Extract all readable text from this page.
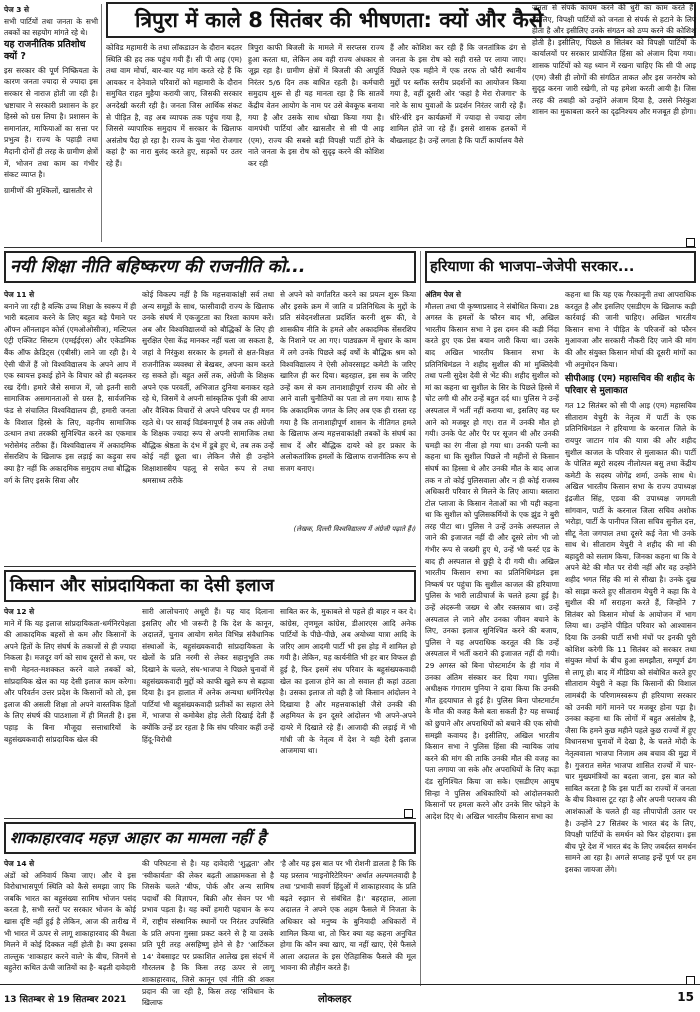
पेज 3 से
सभी पार्टियों तथा जनता के सभी तबकों का सहयोग मांगते रहे थे।
यह राजनीतिक प्रतिशोध क्यों ?
इस सरकार की पूर्ण निष्क्रियता के कारण जनता ज्यादा से ज्यादा इस सरकार से नाराज होती जा रही है। भ्रष्टाचार ने सरकारी प्रशासन के हर हिस्से को ग्रस लिया है। प्रशासन के समानांतर, माफियाओं का सत्ता पर प्रभुत्व है। राज्य के पहाड़ी तथा मैदानी दोनों ही तरह के ग्रामीण क्षेत्रों में, भोजन तथा काम का गंभीर संकट व्याप्त है।
ग्रामीणों की मुश्किलों, खासतौर से
त्रिपुरा में काले 8 सितंबर की भीषणता: क्यों और कैसे
कोविड महामारी के तथा लॉकडाउन के दौरान बदतर स्थिति की हद तक पहुंच गयी हैं। सी पी आइ (एम) तथा वाम मोर्चा, बार-बार यह मांग करते रहे हैं कि आयकर न देनेवाले परिवारों को महामारी के दौरान समुचित राहत मुहैया करायी जाए, जिसकी सरकार अनदेखी करती रही है। जनता जिस आर्थिक संकट से पीड़ित है, वह अब व्यापक तक पहुंच गया है, जिससे व्यापारिक समुदाय में सरकार के खिलाफ असंतोष पैदा हो रहा है। राज्य के युवा 'मेरा रोजगार कहां है' का नारा बुलंद करते हुए, सड़कों पर उतर रहे हैं।
त्रिपुरा काफी बिजली के मामले में सरप्लस राज्य हुआ करता था, लेकिन अब वही राज्य अंधकार से जूझ रहा है। ग्रामीण क्षेत्रों में बिजली की आपूर्ति निरंतर 5/6 दिन तक बाधित रहती है। कर्मचारी समुदाय शुरू से ही यह मानता रहा है कि सातवें केंद्रीय वेतन आयोग के नाम पर उसे बेवकूफ बनाया गया है और उसके साथ धोखा किया गया है। वामपंथी पार्टियां और खासतौर से सी पी आइ (एम), राज्य की सबसे बड़ी विपक्षी पार्टी होने के नाते जनता के इस रोष को सुदृढ़ करने की कोशिश कर रही
हैं और कोशिश कर रही हैं कि जनतांत्रिक ढंग से जनता के इस रोष को सही रास्ते पर लाया जाए। पिछले एक महीने में एक तरफ तो फौरी स्थानीय मुद्दों पर ब्लॉक स्तरीय प्रदर्शनों का आयोजन किया गया है, वहीं दूसरी ओर 'कहां है मेरा रोजगार' के नारे के साथ युवाओं के प्रदर्शन निरंतर जारी रहे हैं। धीरे-धीरे इन कार्यक्रमों में ज्यादा से ज्यादा लोग शामिल होते जा रहे हैं। इससे शासक हलकों में बौखलाहट है। उन्हें लगता है कि पार्टी कार्यालय वैसे
जनता से संपर्क कायम करने की धुरी का काम करते हैं। इसलिए, विपक्षी पार्टियों को जनता से संपर्क से हटाने के लिए होता है और इसीलिए उनके संगठन को ठप्प करने की कोशिश होती है। इसीलिए, पिछले 8 सितंबर को विपक्षी पार्टियों के कार्यालयों पर सरकार प्रायोजित हिंसा को अंजाम दिया गया। शासक पार्टियों को यह ध्यान में रखना चाहिए कि सी पी आइ (एम) जैसी ही लोगों की संगठित ताकत और इस जनरोष को सुदृढ़ करना जारी रखेगी, तो यह हमेशा करती आयी है। जिस तरह की तबाही को उन्होंने अंजाम दिया है, उससे निरंकुश शासन का मुकाबला करने का दृढ़निश्चय और मजबूत ही होगा।
नयी शिक्षा नीति बहिष्करण की राजनीति को...
पेज 11 से
बनाने जा रही है बल्कि उच्च शिक्षा के स्वरूप में ही भारी बदलाव करने के लिए बहुत बड़े पैमाने पर ऑफ्न ऑनलाइन कोर्स (एमओओसीज), मल्टिपल एंट्री एक्जिट सिस्टम (एमईईएस) और एकेडमिक बैंक ऑफ क्रेडिट्स (एबीसी) लाने जा रही है। ये ऐसी चीजें हैं जो विश्वविद्यालय के अपने आप में एक स्वायत्त इकाई होने के विचार को ही बदलकर रख देंगी। हमारे जैसे समाज में, जो इतनी सारी सामाजिक असमानताओं से ग्रस्त है, सार्वजनिक फंड से संचालित विश्वविद्यालय ही, हमारी जनता के विशाल हिस्से के लिए, वहनीय सामाजिक उत्थान तथा तरक्की सुनिश्चित करने का एकमात्र भरोसेमंद तरीका हैं। विश्वविद्यालय में अकादमिक सेंसरशिप के खिलाफ इस लड़ाई का कड़ुवा सच क्या है? नहीं कि अकादमिक समुदाय तथा बौद्धिक वर्ग के लिए इसके सिवा और
कोई विकल्प नहीं है कि महत्तवाकांक्षी सर्व तथा अन्य समूहों के साथ, फासीवादी राज्य के खिलाफ उनके संघर्ष में एकजुटता का रिश्ता कायम करें। अब और विश्वविद्यालयों को बौद्धिकों के लिए ही सुरक्षित ऐसा केंद्र मानकर नहीं चला जा सकता है, जहां वे निरंकुश सरकार के हमलों से क्षत-विक्षत राजनीतिक व्यवस्था से बेखबर, अपना काम करते रह सकते हों। बहुत अर्से तक, अंग्रेजी के शिक्षक अपने एक परवर्ती, अभिजात दुनिया बनाकर रहते रहे थे, जिसमें वे अपनी सांस्कृतिक पूंजी की आपा और वैश्विक विचारों से अपने परिचय पर ही मगन रहते थे। पर सावई विडंबनापूर्ण है जब तक अंग्रेजी के शिक्षक ज्यादा रूप से अपनी सामाजिक तथा बौद्धिक श्रेष्ठता के दंभ में डूबे हुए थे, तब तक उन्हें कोई नहीं छूता था। लेकिन जैसे ही उन्होंने शिक्षाशास्त्रीय पहलू से सचेत रूप से तथा श्रमसाध्य तरीके
से अपने को वर्गांतरित करने का प्रयत्न शुरू किया और इसके क्रम में जाति व प्रतिनिधित्व के मुद्दों के प्रति संवेदनशीलता प्रदर्शित करनी शुरू की, वे शासकीय नीति के हमले और अकादमिक सेंसरशिप के निशाने पर आ गए। पाठ्यक्रम में सुधार के काम में लगे उनके पिछले कई वर्षों के बौद्धिक श्रम को विश्वविद्यालय ने ऐसी ओवरसाइट कमेटी के जरिए खारिज ही कर दिया। बहरहाल, इस सब के जरिए उन्हें कम से कम तानाशाहीपूर्ण राज्य की ओर से आने वाली चुनौतियों का पता तो लग गया। साफ है कि अकादमिक जगत के लिए अब एक ही रास्ता रह गया है कि तानाशाहीपूर्ण शासन के नीतिगत हमले के खिलाफ अन्य महत्तवाकांक्षी तबकों के संघर्ष का साथ दें और बौद्धिक दायरे को हर प्रकार के अलोकतांत्रिक हमलों के खिलाफ राजनीतिक रूप से सजग बनाए।
(लेखक, दिल्ली विश्वविद्यालय में अंग्रेजी पढ़ाते हैं।)
हरियाणा की भाजपा–जेजेपी सरकार...
अंतिम पेज से
मौलला तथा पी कृष्णाप्रसाद ने संबोधित किया। 28 अगस्त के हमलों के फौरन बाद भी, अखिल भारतीय किसान सभा ने इस दमन की कड़ी निंदा करते हुए एक प्रेस बयान जारी किया था। उसके बाद अखिल भारतीय किसान सभा के प्रतिनिधिमंडल ने शहीद सुशील की मां मुक्तिदेवी तथा पत्नी सुदेश देवी से भेंट की। शहीद सुशील को मां का कहना था सुशील के सिर के पिछले हिस्से में चोट लगी थी और उन्हें बहुत दर्द था। पुलिस ने उन्हें अस्पताल में भर्ती नहीं कराया था, इसलिए वह घर आने को मजबूर हो गए। रात में उनकी मौत हो गयी। उनके पेट और पैर पर सूजन थी और उनकी चमड़ी का रंग नीला हो गया था। उनकी पत्नी का कहना था कि सुशील पिछले नौ महीनों से किसान संघर्ष का हिस्सा थे और उनकी मौत के बाद आज तक न तो कोई पुलिसवाला और न ही कोई राजस्व अधिकारी परिवार से मिलने के लिए आया। बस्तारा टोल प्लाजा के किसान नेताओं का भी यही कहना था कि सुशील को पुलिसकर्मियों के एक झुंड ने बुरी तरह पीटा था। पुलिस ने उन्हें उनके अस्पताल ले जाने की इजाजत नहीं दी और दूसरे लोग भी जो गंभीर रूप से जख्मी हुए थे, उन्हें भी फर्स्ट एड के बाद ही अस्पताल से छुट्टी दे दी गयी थी। अखिल भारतीय किसान सभा का प्रतिनिधिमंडल इस निष्कर्ष पर पहुंचा कि सुशील काजल की हरियाणा पुलिस के भारी लाठीचार्ज के चलते हत्या हुई है। उन्हें अंदरूनी जख्म थे और रक्तस्राव था। उन्हें अस्पताल ले जाने और उनका जीवन बचाने के लिए, उनका इलाज सुनिश्चित करने की बजाय, पुलिस ने यह अपराधिक करतूत की कि उन्हें अस्पताल में भर्ती कराने की इजाजत नहीं दी गयी। 29 अगस्त को बिना पोस्टमार्टम के ही गांव में उनका अंतिम संस्कार कर दिया गया। पुलिस अधीक्षक गंगाराम पुनिया ने दावा किया कि उनकी मौत हृदयाघात से हुई है। पुलिस बिना पोस्टमार्टम के मौत की वजह कैसे बता सकती है? यह सच्चाई को छुपाने और अपराधियों को बचाने की एक सोची समझी कवायद है। इसीलिए, अखिल भारतीय किसान सभा ने पुलिस हिंसा की न्यायिक जांच करने की मांग की ताकि उनकी मौत की वजह का पता लगाया जा सके और अपराधियों के लिए कड़ा दंड सुनिश्चित किया जा सके। एसडीएम आयुष सिन्हा ने पुलिस अधिकारियों को आंदोलनकारी किसानों पर हमला करने और उनके सिर फोड़ने के आदेश दिए थे। अखिल भारतीय किसान सभा का
कहना था कि यह एक गैरकानूनी तथा आपराधिक करतूत है और इसलिए एसडीएम के खिलाफ कड़ी कार्रवाई की जानी चाहिए। अखिल भारतीय किसान सभा ने पीड़ित के परिजनों को फौरन मुआवजा और सरकारी नौकरी दिए जाने की मांग की और संयुक्त किसान मोर्चा की दूसरी मांगों का भी अनुमोदन किया।
सीपीआइ (एम) महासचिव की शहीद के परिवार से मुलाकात
गत 12 सितंबर को सी पी आइ (एम) महासचिव सीताराम येचुरी के नेतृत्व में पार्टी के एक प्रतिनिधिमंडल ने हरियाणा के करनाल जिले के रायपुर जाटान गांव की यात्रा की और शहीद सुशील काजल के परिवार से मुलाकात की। पार्टी के पोलित ब्यूरो सदस्य नीलोत्पल बसु तथा केंद्रीय कमेटी के सदस्य जोगेंद्र शर्मा, उनके साथ थे। अखिल भारतीय किसान सभा के राज्य उपाध्यक्ष इंद्रजीत सिंह, एडवा की उपाध्यक्ष जगमती सांगवान, पार्टी के करनाल जिला सचिव अशोक भरोड़ा, पार्टी के पानीपत जिला सचिव सुनील दत्त, सीटू नेता जगपाल तथा दूसरे कई नेता भी उनके साथ थे। सीताराम येचुरी ने शहीद की मां की बहादुरी को सलाम किया, जिनका कहना था कि वे अपने बेटे की मौत पर रोयी नहीं और वह उन्होंने शहीद भगत सिंह की मां से सीखा है। उनके दुख को साझा करते हुए सीताराम येचुरी ने कहा कि वे सुशील की माँ सराहना करते हैं, जिन्होंने 7 सितंबर को किसान मोर्चा के आयोजन में भाग लिया था। उन्होंने पीड़ित परिवार को आश्वासन दिया कि उनकी पार्टी सभी मंचों पर इनकी पूरी कोशिश करेगी कि 11 सितंबर को सरकार तथा संयुक्त मोर्चा के बीच हुआ समझौता, सम्पूर्ण ढंग से लागू हो। बाद में मीडिया को संबोधित करते हुए सीताराम येचुरी ने कहा कि किसानों की विशाल लामबंदी के परिणामस्वरूप ही हरियाणा सरकार को उनकी मांगें मानने पर मजबूर होना पड़ा है। उनका कहना था कि लोगों में बहुत असंतोष है, जैसा कि हमने कुछ महीने पहले कुछ राज्यों में हुए विधानसभा चुनावों में देखा है, के चलते मोदी के नेतृत्ववाला भाजपा निजाम अब बचाव की मुद्रा में है। गुजरात समेत भाजपा शासित राज्यों में चार-चार मुख्यमंत्रियों का बदला जाना, इस बात को साबित करता है कि इस पार्टी का राज्यों में जनता के बीच विश्वास टूट रहा है और अपनी पराजय की आशंकाओं के चलते ही वह लीपापोती उतार पर है। उन्होंने 27 सितंबर के भारत बंद के लिए, विपक्षी पार्टियों के समर्थन को फिर दोहराया। इस बीच पूरे देश में भारत बंद के लिए जबर्दस्त समर्थन सामने आ रहा है। अगले सप्ताह इन्हें पूर्ण पर हम इसका जायजा लेंगे।
किसान और सांप्रदायिकता का देसी इलाज
पेज 12 से
माने में कि यह इलाज सांप्रदायिकता-धर्मनिरपेक्षता की आकादमिक बहसों से कम और किसानों के अपने हितों के लिए संघर्ष के तकाजों से ही ज्यादा निकला है। मजदूर वर्ग को साथ दूसरों से कम, पर सभी मेहनत-मशक्कत करने वाले तबकों को, सांप्रदायिक खेल का यह देसी इलाज काम करेगा। और परिवर्तन उत्तर प्रदेश के किसानों को तो, इस इलाज की असली शिक्षा तो अपने वास्तविक हितों के लिए संघर्ष की पाठशाला में ही मिलती है। इस पहाड़ के बिना मौजूदा सत्ताधारियों के बहुसंख्यकवादी सांप्रदायिक खेल की
सारी आलोचनाएं अधूरी हैं। यह याद दिलाना इसलिए और भी जरूरी है कि देश के कानून, अदालतें, चुनाव आयोग समेत विभिन्न संवैधानिक संस्थाओं के, बहुसंख्यकवादी सांप्रदायिकता के खेलों के प्रति नरमी से लेकर सहानुभूति तक दिखाने के चलते, संघ-भाजपा ने पिछले चुनावों में बहुसंख्यकवादी मुद्दों को काफी खुले रूप से बढ़ावा दिया है। इन हालात में अनेक अन्यथा धर्मनिरपेक्ष पार्टियां भी बहुसंख्यकवादी प्रतीकों का सहारा लेने में, भाजपा से कमोबेश होड़ लेती दिखाई देती हैं क्योंकि उन्हें डर रहता है कि संघ परिवार कहीं उन्हें हिंदू-विरोधी
साबित कर के, मुकाबले से पहले ही बाहर न कर दे। कांग्रेस, तृणमूल कांग्रेस, डीआरएस आदि अनेक पार्टियों के पीछे-पीछे, अब अयोध्या यात्रा आदि के जरिए आम आदमी पार्टी भी इस होड़ में शामिल हो गयी है। लेकिन, यह कार्यनीति भी हर बार विफल ही हुई है, फिर इसमें संघ परिवार के बहुसंख्यकवादी खेल का इलाज होने का तो सवाल ही कहां उठता है। उसका इलाज तो वही है जो किसान आंदोलन ने दिखाया है और महत्तवाकांक्षी जैसे उनकी की अहमियत के इन दूसरे आंदोलन भी अपने-अपने दायरे में दिखाते रहे हैं। आजादी की लड़ाई में भी गांधी जी के नेतृत्व में देश ने यही देसी इलाज आजमाया था।
शाकाहारवाद महज़ आहार का मामला नहीं है
पेज 14 से
अंडों को अनिवार्य किया जाए। और ये इस विरोधाभासपूर्ण स्थिति को कैसे समझा जाए कि जबकि भारत का बहुसंख्या सामिष भोजन पसंद करता है, सभी स्तरों पर सरकार भोजन के कोई खास दृष्टि नहीं हुई है लेकिन, आज की तारीख में भी भारत में ऊपर से लागू शाकाहारवाद की वैधता मिलने में कोई दिक्कत नहीं होती है। क्या इसका ताल्लुक 'शाकाहार करने वाले' के बीच, जिनमें से बहुतेरा कथित ऊंची जातियों का है- बढ़ती दावेदारी
की परिघटना से है। यह दावेदारी 'शुद्धता' और 'स्वीकार्यता' की लेकर बढ़ती आक्रामकता से है जिसके चलते 'बीफ, पोर्क और अन्य सामिष पदार्थों की विज्ञापन, बिक्री और सेवन पर भी प्रभाव पड़ता है। यह क्यों हमारी पहचान के रूप में, राष्ट्रीय संस्थानिक स्थानों पर निरंतर उपस्थिति के प्रति अपना गुस्सा प्रकट करने से है या उसके प्रति पूरी तरह असहिष्णु होने से है? 'आर्टिकल 14' वेबसाइट पर प्रकाशित आलेख इस संदर्भ में गौरतलब है कि किस तरह ऊपर से लागू शाकाहारवाद, जिसे कानून एवं नीति की शक्ल प्रदान की जा रही है, किस तरह 'संविधान के खिलाफ
'है और यह इस बात पर भी रोशनी डालता है कि कि यह प्रस्ताव 'माइनोरिटेरियन' अर्थात अल्पमतवादी है तथा 'प्रभावी सवर्ण हिंदुओं में शाकाहारवाद के प्रति बढ़ते रुझान से संबंधित है।' बहरहाल, आला अदालत ने अपने एक अहम फैसले में निजता के अधिकार को मनुष्य के बुनियादी अधिकारों में शामिल किया था, तो फिर क्या यह कहना अनुचित होगा कि कौन क्या खाए, या नहीं खाए, ऐसे फैसले आला अदालत के इस ऐतिहासिक फैसले की मूल भावना की तौहीन करते हैं।
13 सितम्बर से 19 सितम्बर 2021	लोकलहर	15
